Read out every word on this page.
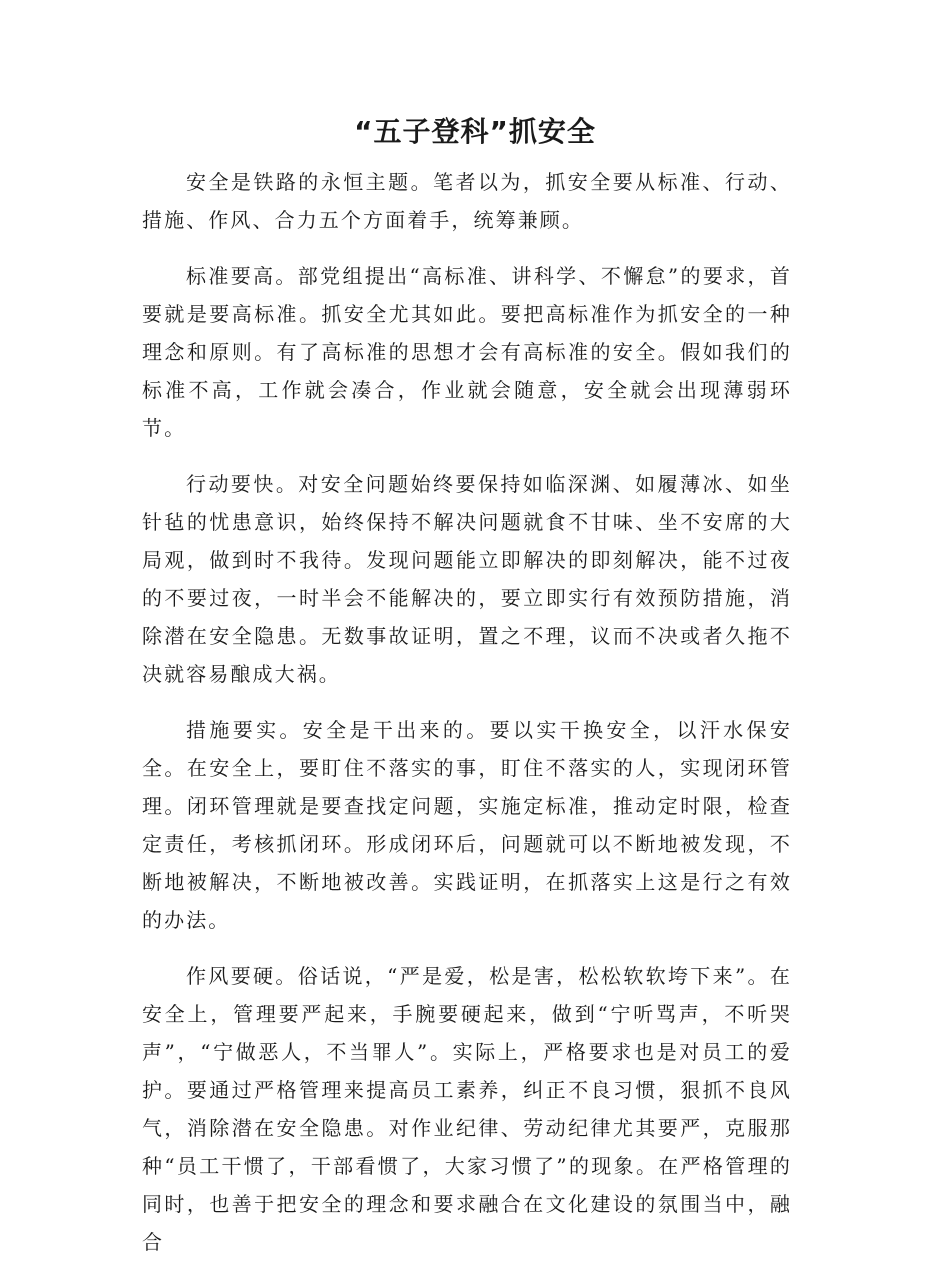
“五子登科”抓安全

安全是铁路的永恒主题。笔者以为，抓安全要从标准、行动、措施、作风、合力五个方面着手，统筹兼顾。

标准要高。部党组提出“高标准、讲科学、不懈怠”的要求，首要就是要高标准。抓安全尤其如此。要把高标准作为抓安全的一种理念和原则。有了高标准的思想才会有高标准的安全。假如我们的标准不高，工作就会凑合，作业就会随意，安全就会出现薄弱环节。

行动要快。对安全问题始终要保持如临深渊、如履薄冰、如坐针毡的忧患意识，始终保持不解决问题就食不甘味、坐不安席的大局观，做到时不我待。发现问题能立即解决的即刻解决，能不过夜的不要过夜，一时半会不能解决的，要立即实行有效预防措施，消除潜在安全隐患。无数事故证明，置之不理，议而不决或者久拖不决就容易酿成大祸。

措施要实。安全是干出来的。要以实干换安全，以汗水保安全。在安全上，要盯住不落实的事，盯住不落实的人，实现闭环管理。闭环管理就是要查找定问题，实施定标准，推动定时限，检查定责任，考核抓闭环。形成闭环后，问题就可以不断地被发现，不断地被解决，不断地被改善。实践证明，在抓落实上这是行之有效的办法。

作风要硬。俗话说，“严是爱，松是害，松松软软垮下来”。在安全上，管理要严起来，手腕要硬起来，做到“宁听骂声，不听哭声”，“宁做恶人，不当罪人”。实际上，严格要求也是对员工的爱护。要通过严格管理来提高员工素养，纠正不良习惯，狠抓不良风气，消除潜在安全隐患。对作业纪律、劳动纪律尤其要严，克服那种“员工干惯了，干部看惯了，大家习惯了”的现象。在严格管理的同时，也善于把安全的理念和要求融合在文化建设的氛围当中，融合
